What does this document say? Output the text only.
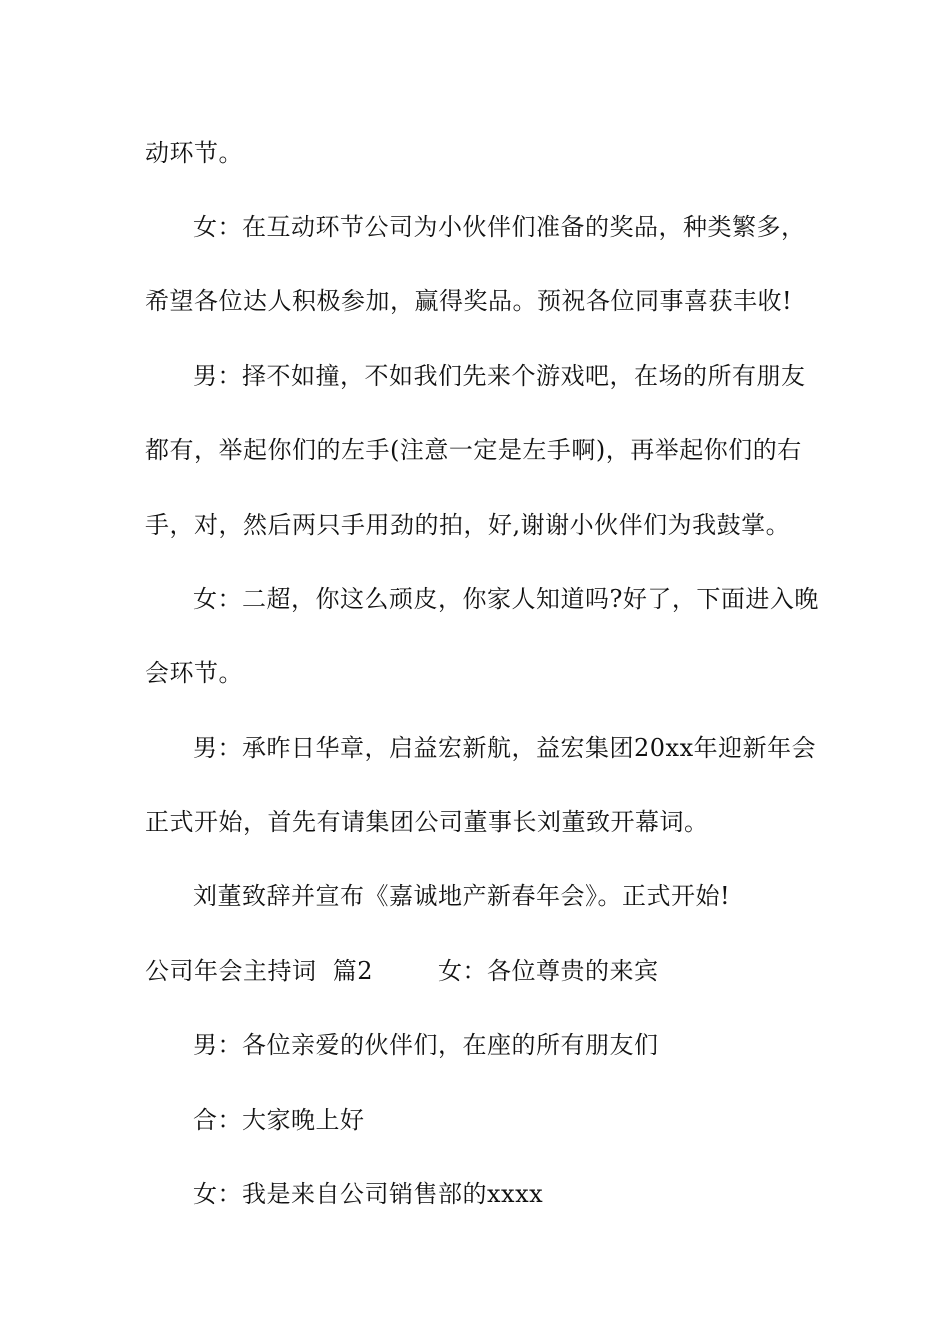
动环节。
女：在互动环节公司为小伙伴们准备的奖品，种类繁多，
希望各位达人积极参加，赢得奖品。预祝各位同事喜获丰收!
男：择不如撞，不如我们先来个游戏吧，在场的所有朋友
都有，举起你们的左手(注意一定是左手啊)，再举起你们的右
手，对，然后两只手用劲的拍，好,谢谢小伙伴们为我鼓掌。
女：二超，你这么顽皮，你家人知道吗?好了，下面进入晚
会环节。
男：承昨日华章，启益宏新航，益宏集团20xx年迎新年会
正式开始，首先有请集团公司董事长刘董致开幕词。
刘董致辞并宣布《嘉诚地产新春年会》。正式开始!
公司年会主持词  篇2        女：各位尊贵的来宾
男：各位亲爱的伙伴们，在座的所有朋友们
合：大家晚上好
女：我是来自公司销售部的xxxx
